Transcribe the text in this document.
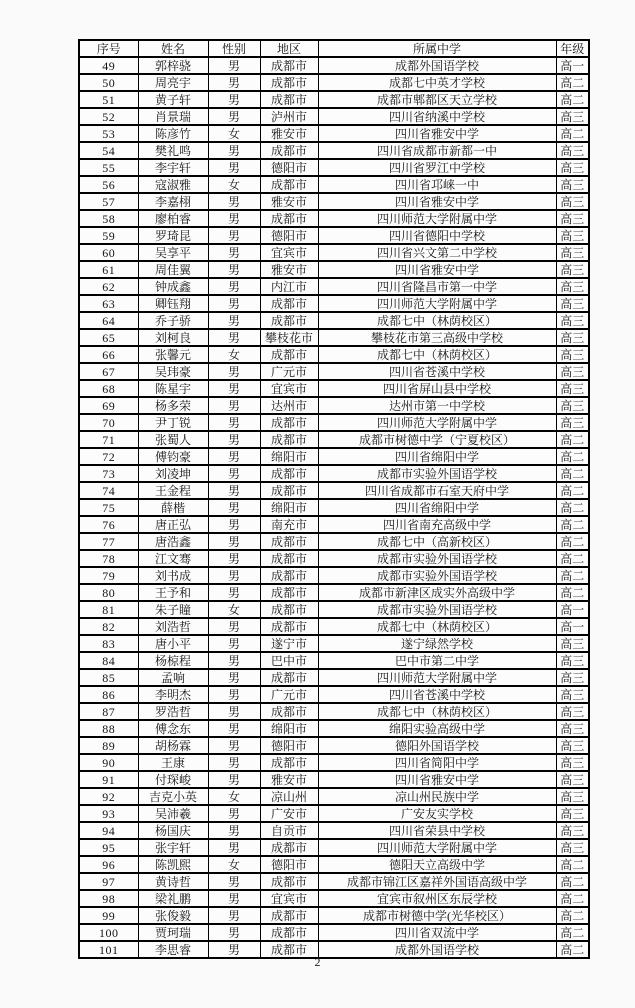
序号	姓名	性别	地区	所属中学	年级
49	郭梓骁	男	成都市	成都外国语学校	高一
50	周亮宇	男	成都市	成都七中英才学校	高二
51	黄子轩	男	成都市	成都市郫都区天立学校	高二
52	肖景瑞	男	泸州市	四川省纳溪中学校	高三
53	陈彦竹	女	雅安市	四川省雅安中学	高二
54	樊礼鸣	男	成都市	四川省成都市新都一中	高三
55	李宇轩	男	德阳市	四川省罗江中学校	高三
56	寇淑雅	女	成都市	四川省邛崃一中	高三
57	李嘉栩	男	雅安市	四川省雅安中学	高三
58	廖柏睿	男	成都市	四川师范大学附属中学	高三
59	罗琦昆	男	德阳市	四川省德阳中学校	高三
60	吴享平	男	宜宾市	四川省兴文第二中学校	高三
61	周佳翼	男	雅安市	四川省雅安中学	高三
62	钟成鑫	男	内江市	四川省隆昌市第一中学	高三
63	卿钰翔	男	成都市	四川师范大学附属中学	高三
64	乔子骄	男	成都市	成都七中（林荫校区）	高三
65	刘柯良	男	攀枝花市	攀枝花市第三高级中学校	高三
66	张馨元	女	成都市	成都七中（林荫校区）	高三
67	吴玮豪	男	广元市	四川省苍溪中学校	高三
68	陈星宇	男	宜宾市	四川省屏山县中学校	高三
69	杨多荣	男	达州市	达州市第一中学校	高三
70	尹丁锐	男	成都市	四川师范大学附属中学	高三
71	张蜀人	男	成都市	成都市树德中学（宁夏校区）	高二
72	傅钧豪	男	绵阳市	四川省绵阳中学	高二
73	刘凌坤	男	成都市	成都市实验外国语学校	高二
74	王金程	男	成都市	四川省成都市石室天府中学	高二
75	薛楷	男	绵阳市	四川省绵阳中学	高二
76	唐正弘	男	南充市	四川省南充高级中学	高二
77	唐浩鑫	男	成都市	成都七中（高新校区）	高二
78	江文骞	男	成都市	成都市实验外国语学校	高二
79	刘书成	男	成都市	成都市实验外国语学校	高二
80	王予和	男	成都市	成都市新津区成实外高级中学	高二
81	朱子瞳	女	成都市	成都市实验外国语学校	高一
82	刘浩哲	男	成都市	成都七中（林荫校区）	高一
83	唐小平	男	遂宁市	遂宁绿然学校	高三
84	杨椋程	男	巴中市	巴中市第二中学	高三
85	孟响	男	成都市	四川师范大学附属中学	高三
86	李明杰	男	广元市	四川省苍溪中学校	高三
87	罗浩哲	男	成都市	成都七中（林荫校区）	高三
88	傅念东	男	绵阳市	绵阳实验高级中学	高三
89	胡杨霖	男	德阳市	德阳外国语学校	高三
90	王康	男	成都市	四川省简阳中学	高三
91	付琛峻	男	雅安市	四川省雅安中学	高三
92	吉克小英	女	凉山州	凉山州民族中学	高三
93	吴沛羲	男	广安市	广安友实学校	高三
94	杨国庆	男	自贡市	四川省荣县中学校	高三
95	张宇轩	男	成都市	四川师范大学附属中学	高三
96	陈凯熙	女	德阳市	德阳天立高级中学	高二
97	黄诗哲	男	成都市	成都市锦江区嘉祥外国语高级中学	高二
98	梁礼鹏	男	宜宾市	宜宾市叙州区东辰学校	高二
99	张俊毅	男	成都市	成都市树德中学(光华校区）	高二
100	贾珂瑞	男	成都市	四川省双流中学	高二
101	李思睿	男	成都市	成都外国语学校	高二
2
